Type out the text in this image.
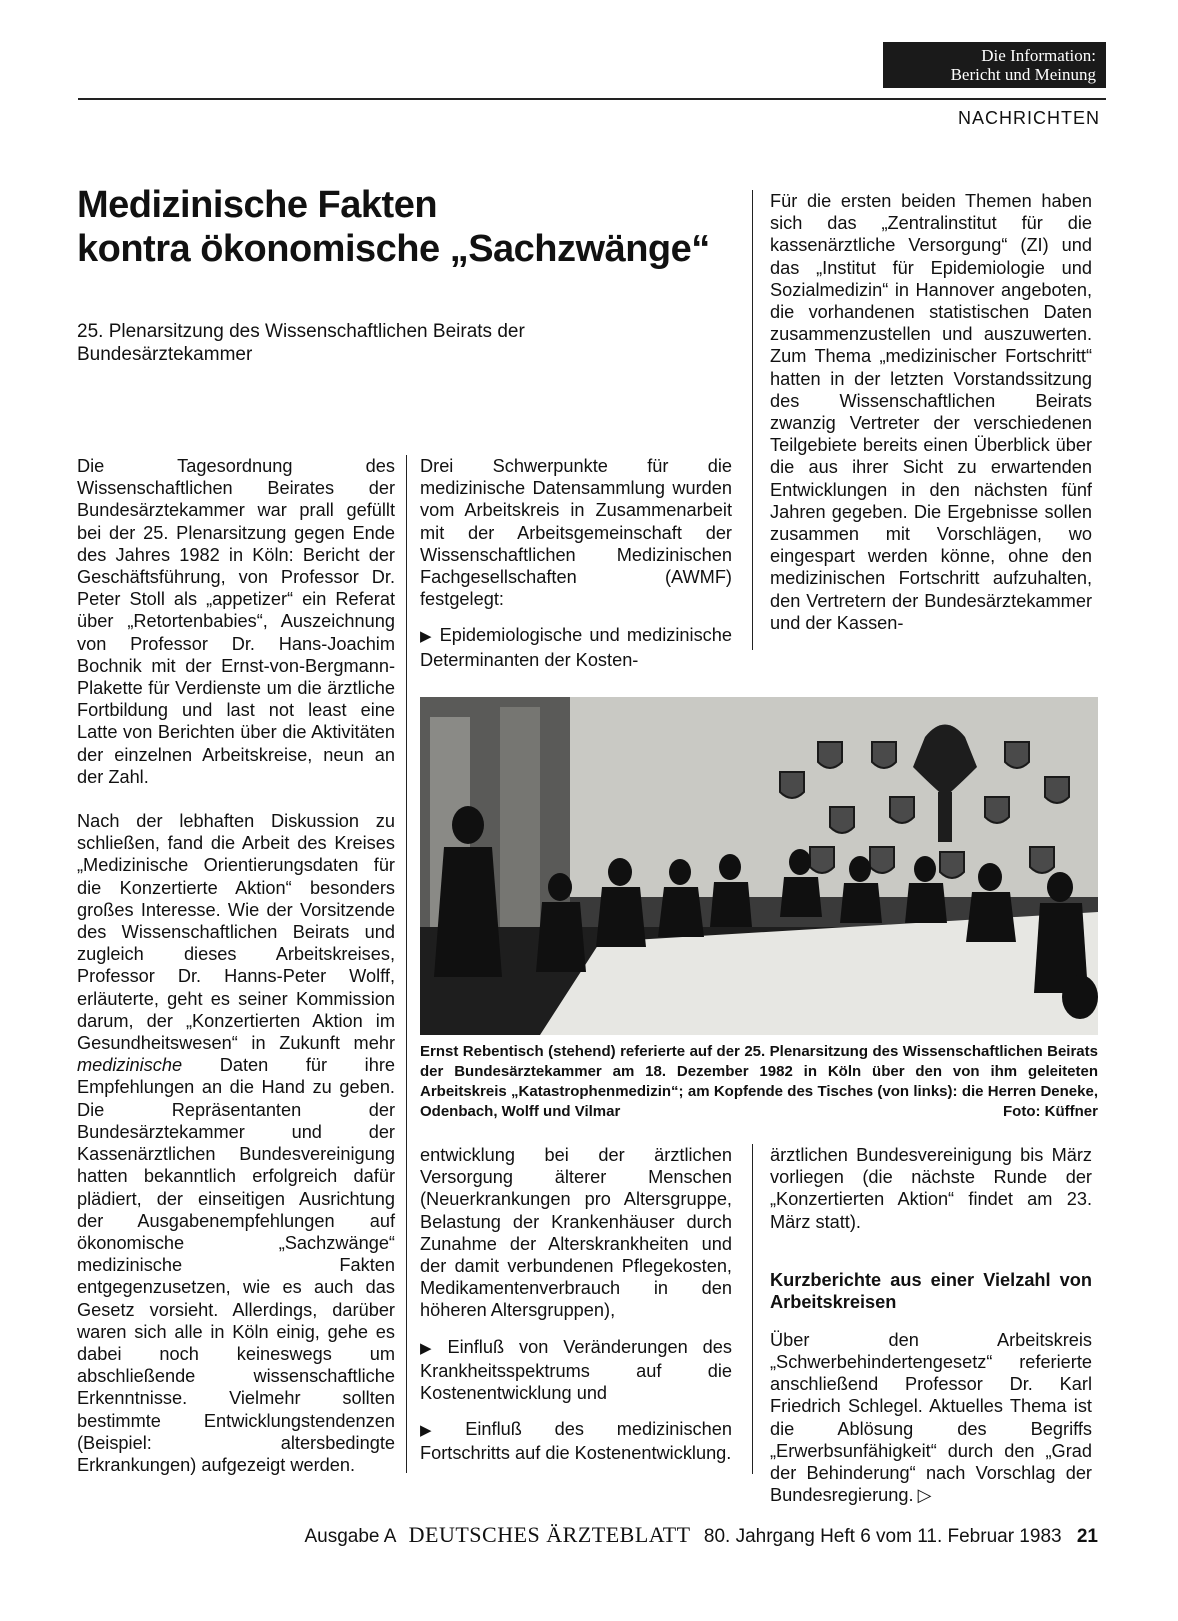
Die Information:
Bericht und Meinung
NACHRICHTEN
Medizinische Fakten
kontra ökonomische „Sachzwänge“
25. Plenarsitzung des Wissenschaftlichen Beirats der Bundesärztekammer

Die Tagesordnung des Wissenschaftlichen Beirates der Bundesärztekammer war prall gefüllt bei der 25. Plenarsitzung gegen Ende des Jahres 1982 in Köln: Bericht der Geschäftsführung, von Professor Dr. Peter Stoll als „appetizer“ ein Referat über „Retortenbabies“, Auszeichnung von Professor Dr. Hans-Joachim Bochnik mit der Ernst-von-Bergmann-Plakette für Verdienste um die ärztliche Fortbildung und last not least eine Latte von Berichten über die Aktivitäten der einzelnen Arbeitskreise, neun an der Zahl.

Nach der lebhaften Diskussion zu schließen, fand die Arbeit des Kreises „Medizinische Orientierungsdaten für die Konzertierte Aktion“ besonders großes Interesse. Wie der Vorsitzende des Wissenschaftlichen Beirats und zugleich dieses Arbeitskreises, Professor Dr. Hanns-Peter Wolff, erläuterte, geht es seiner Kommission darum, der „Konzertierten Aktion im Gesundheitswesen“ in Zukunft mehr medizinische Daten für ihre Empfehlungen an die Hand zu geben. Die Repräsentanten der Bundesärztekammer und der Kassenärztlichen Bundesvereinigung hatten bekanntlich erfolgreich dafür plädiert, der einseitigen Ausrichtung der Ausgabenempfehlungen auf ökonomische „Sachzwänge“ medizinische Fakten entgegenzusetzen, wie es auch das Gesetz vorsieht. Allerdings, darüber waren sich alle in Köln einig, gehe es dabei noch keineswegs um abschließende wissenschaftliche Erkenntnisse. Vielmehr sollten bestimmte Entwicklungstendenzen (Beispiel: altersbedingte Erkrankungen) aufgezeigt werden.

Drei Schwerpunkte für die medizinische Datensammlung wurden vom Arbeitskreis in Zusammenarbeit mit der Arbeitsgemeinschaft der Wissenschaftlichen Medizinischen Fachgesellschaften (AWMF) festgelegt:

▶ Epidemiologische und medizinische Determinanten der Kosten-

Für die ersten beiden Themen haben sich das „Zentralinstitut für die kassenärztliche Versorgung“ (ZI) und das „Institut für Epidemiologie und Sozialmedizin“ in Hannover angeboten, die vorhandenen statistischen Daten zusammenzustellen und auszuwerten. Zum Thema „medizinischer Fortschritt“ hatten in der letzten Vorstandssitzung des Wissenschaftlichen Beirats zwanzig Vertreter der verschiedenen Teilgebiete bereits einen Überblick über die aus ihrer Sicht zu erwartenden Entwicklungen in den nächsten fünf Jahren gegeben. Die Ergebnisse sollen zusammen mit Vorschlägen, wo eingespart werden könne, ohne den medizinischen Fortschritt aufzuhalten, den Vertretern der Bundesärztekammer und der Kassen-

Ernst Rebentisch (stehend) referierte auf der 25. Plenarsitzung des Wissenschaftlichen Beirats der Bundesärztekammer am 18. Dezember 1982 in Köln über den von ihm geleiteten Arbeitskreis „Katastrophenmedizin“; am Kopfende des Tisches (von links): die Herren Deneke, Odenbach, Wolff und Vilmar	Foto: Küffner

entwicklung bei der ärztlichen Versorgung älterer Menschen (Neuerkrankungen pro Altersgruppe, Belastung der Krankenhäuser durch Zunahme der Alterskrankheiten und der damit verbundenen Pflegekosten, Medikamentenverbrauch in den höheren Altersgruppen),

▶ Einfluß von Veränderungen des Krankheitsspektrums auf die Kostenentwicklung und

▶ Einfluß des medizinischen Fortschritts auf die Kostenentwicklung.

ärztlichen Bundesvereinigung bis März vorliegen (die nächste Runde der „Konzertierten Aktion“ findet am 23. März statt).

Kurzberichte aus einer Vielzahl von Arbeitskreisen

Über den Arbeitskreis „Schwerbehindertengesetz“ referierte anschließend Professor Dr. Karl Friedrich Schlegel. Aktuelles Thema ist die Ablösung des Begriffs „Erwerbsunfähigkeit“ durch den „Grad der Behinderung“ nach Vorschlag der Bundesregierung. ▷

Ausgabe A DEUTSCHES ÄRZTEBLATT 80. Jahrgang Heft 6 vom 11. Februar 1983 21
